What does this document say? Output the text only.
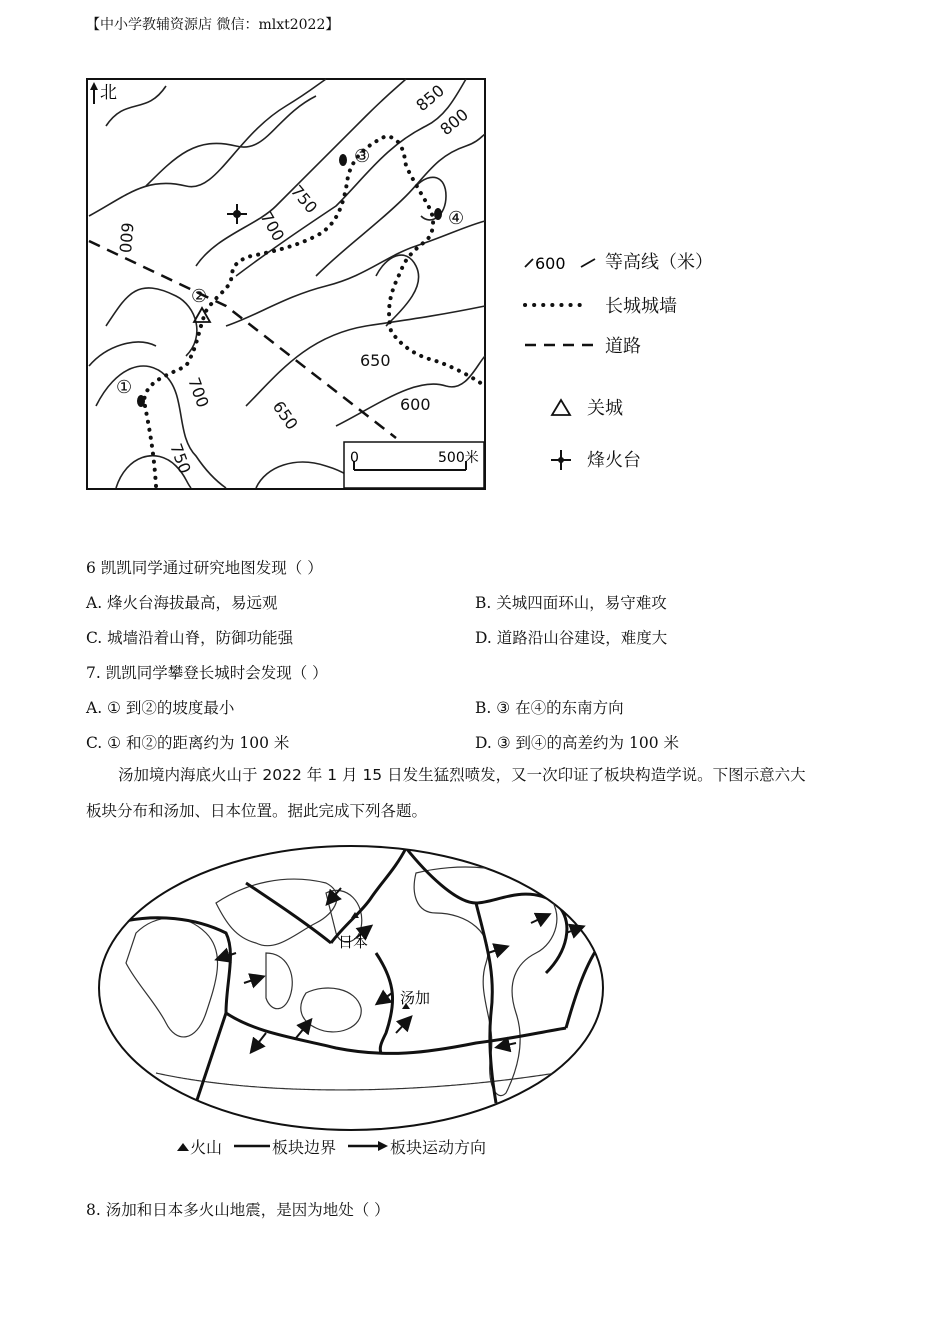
【中小学教辅资源店 微信：mlxt2022】
850
800
750
700
600
650
600
700
650
750
①
②
③
④
北
0	500米
600 等高线（米）
长城城墙
道路
关城
烽火台
6 凯凯同学通过研究地图发现（ ）
A. 烽火台海拔最高，易远观	B. 关城四面环山，易守难攻
C. 城墙沿着山脊，防御功能强	D. 道路沿山谷建设，难度大
7. 凯凯同学攀登长城时会发现（ ）
A. ① 到②的坡度最小	B. ③ 在④的东南方向
C. ① 和②的距离约为 100 米	D. ③ 到④的高差约为 100 米
汤加境内海底火山于 2022 年 1 月 15 日发生猛烈喷发，又一次印证了板块构造学说。下图示意六大
板块分布和汤加、日本位置。据此完成下列各题。
日本
汤加
火山	板块边界	板块运动方向
8. 汤加和日本多火山地震，是因为地处（ ）
